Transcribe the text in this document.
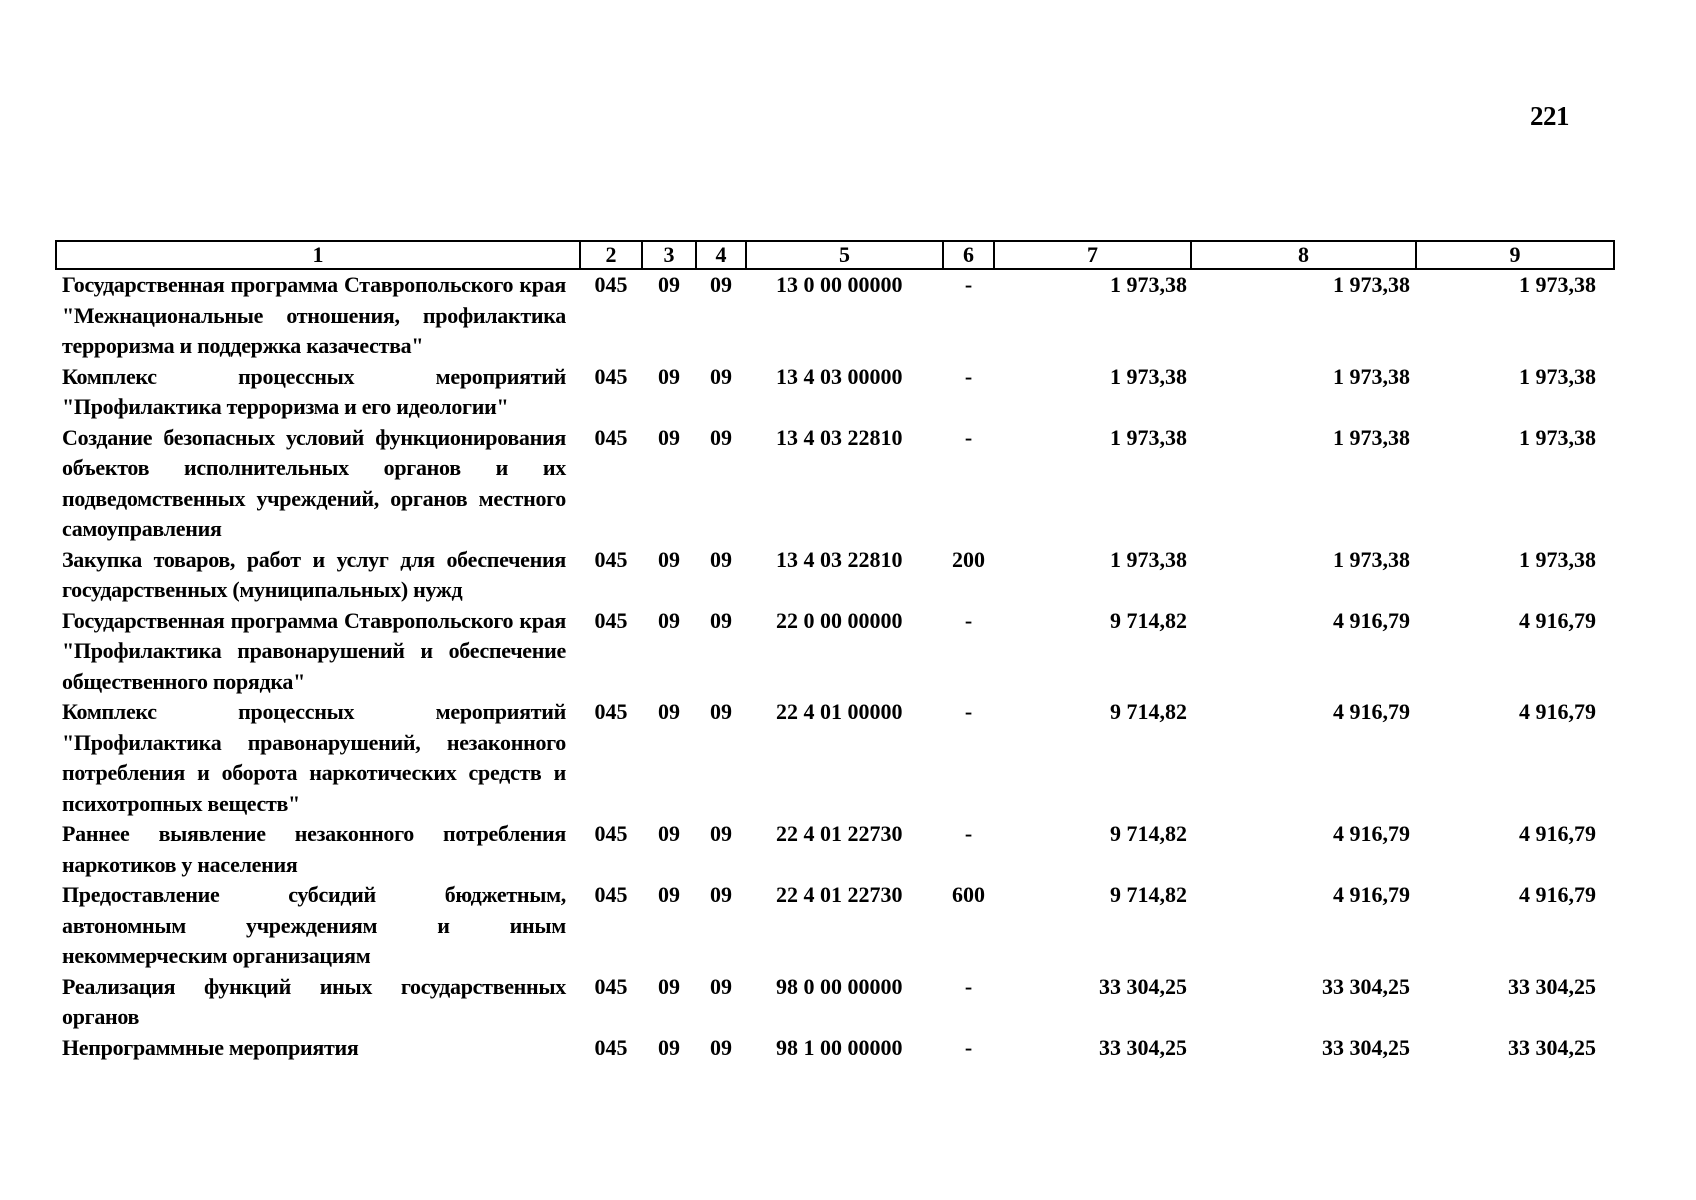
221
1	2	3	4	5	6	7	8	9
Государственная программа Ставропольского края "Межнациональные отношения, профилактика терроризма и поддержка казачества"	045	09	09	13 0 00 00000	-	1 973,38	1 973,38	1 973,38
Комплекс процессных мероприятий "Профилактика терроризма и его идеологии"	045	09	09	13 4 03 00000	-	1 973,38	1 973,38	1 973,38
Создание безопасных условий функционирования объектов исполнительных органов и их подведомственных учреждений, органов местного самоуправления	045	09	09	13 4 03 22810	-	1 973,38	1 973,38	1 973,38
Закупка товаров, работ и услуг для обеспечения государственных (муниципальных) нужд	045	09	09	13 4 03 22810	200	1 973,38	1 973,38	1 973,38
Государственная программа Ставропольского края "Профилактика правонарушений и обеспечение общественного порядка"	045	09	09	22 0 00 00000	-	9 714,82	4 916,79	4 916,79
Комплекс процессных мероприятий "Профилактика правонарушений, незаконного потребления и оборота наркотических средств и психотропных веществ"	045	09	09	22 4 01 00000	-	9 714,82	4 916,79	4 916,79
Раннее выявление незаконного потребления наркотиков у населения	045	09	09	22 4 01 22730	-	9 714,82	4 916,79	4 916,79
Предоставление субсидий бюджетным, автономным учреждениям и иным некоммерческим организациям	045	09	09	22 4 01 22730	600	9 714,82	4 916,79	4 916,79
Реализация функций иных государственных органов	045	09	09	98 0 00 00000	-	33 304,25	33 304,25	33 304,25
Непрограммные мероприятия	045	09	09	98 1 00 00000	-	33 304,25	33 304,25	33 304,25
